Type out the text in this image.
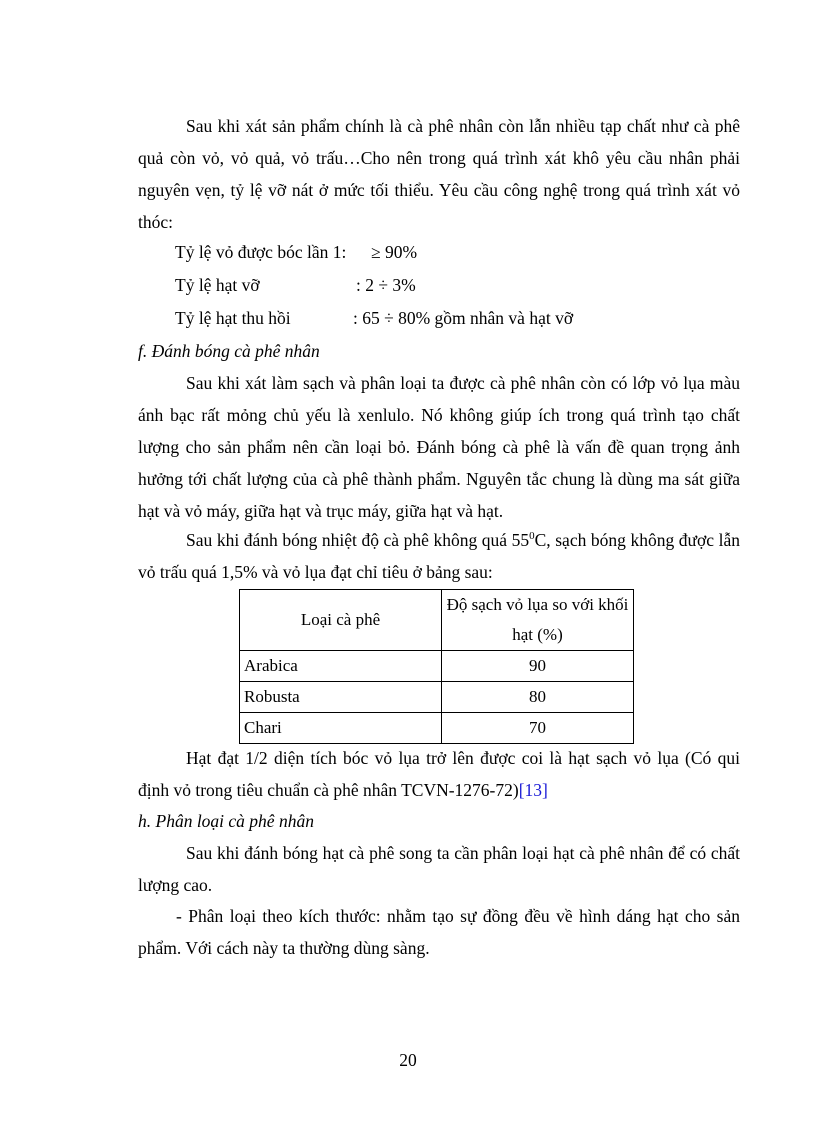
Sau khi xát sản phẩm chính là cà phê nhân còn lẫn nhiều tạp chất như cà phê quả còn vỏ, vỏ quả, vỏ trấu…Cho nên trong quá trình xát khô yêu cầu nhân phải nguyên vẹn, tỷ lệ vỡ nát ở mức tối thiểu. Yêu cầu công nghệ trong quá trình xát vỏ thóc:

Tỷ lệ vỏ được bóc lần 1: ≥ 90%
Tỷ lệ hạt vỡ	: 2 ÷ 3%
Tỷ lệ hạt thu hồi	: 65 ÷ 80% gồm nhân và hạt vỡ

f. Đánh bóng cà phê nhân

Sau khi xát làm sạch và phân loại ta được cà phê nhân còn có lớp vỏ lụa màu ánh bạc rất mỏng chủ yếu là xenlulo. Nó không giúp ích trong quá trình tạo chất lượng cho sản phẩm nên cần loại bỏ. Đánh bóng cà phê là vấn đề quan trọng ảnh hưởng tới chất lượng của cà phê thành phẩm. Nguyên tắc chung là dùng ma sát giữa hạt và vỏ máy, giữa hạt và trục máy, giữa hạt và hạt.

Sau khi đánh bóng nhiệt độ cà phê không quá $55^0C$, sạch bóng không được lẫn vỏ trấu quá 1,5% và vỏ lụa đạt chỉ tiêu ở bảng sau:

Loại cà phê	Độ sạch vỏ lụa so với khối hạt (%)
Arabica	90
Robusta	80
Chari	70

Hạt đạt 1/2 diện tích bóc vỏ lụa trở lên được coi là hạt sạch vỏ lụa (Có qui định vỏ trong tiêu chuẩn cà phê nhân TCVN-1276-72)[13]

h. Phân loại cà phê nhân

Sau khi đánh bóng hạt cà phê song ta cần phân loại hạt cà phê nhân để có chất lượng cao.

- Phân loại theo kích thước: nhằm tạo sự đồng đều về hình dáng hạt cho sản phẩm. Với cách này ta thường dùng sàng.

20
